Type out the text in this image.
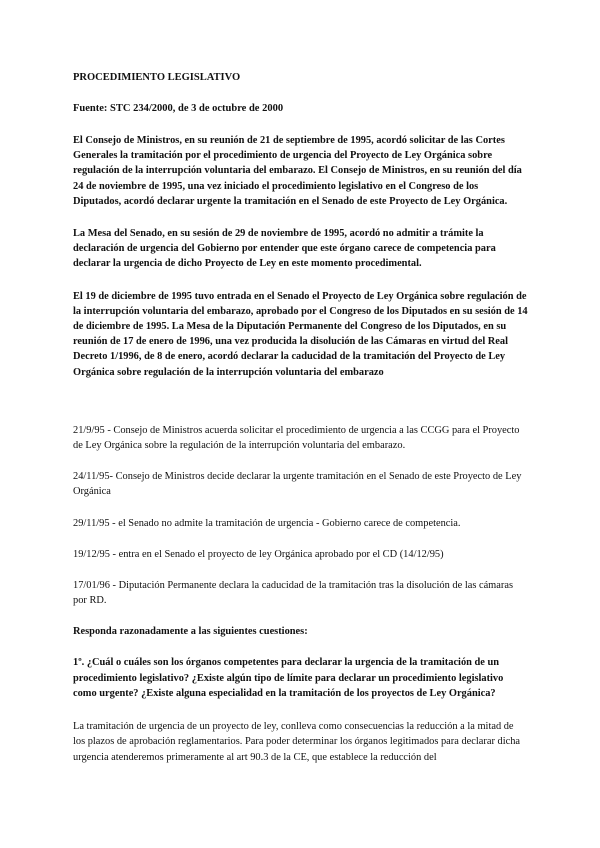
PROCEDIMIENTO LEGISLATIVO

Fuente: STC 234/2000, de 3 de octubre de 2000

El Consejo de Ministros, en su reunión de 21 de septiembre de 1995, acordó solicitar de las Cortes Generales la tramitación por el procedimiento de urgencia del Proyecto de Ley Orgánica sobre regulación de la interrupción voluntaria del embarazo. El Consejo de Ministros, en su reunión del día 24 de noviembre de 1995, una vez iniciado el procedimiento legislativo en el Congreso de los Diputados, acordó declarar urgente la tramitación en el Senado de este Proyecto de Ley Orgánica.

La Mesa del Senado, en su sesión de 29 de noviembre de 1995, acordó no admitir a trámite la declaración de urgencia del Gobierno por entender que este órgano carece de competencia para declarar la urgencia de dicho Proyecto de Ley en este momento procedimental.

El 19 de diciembre de 1995 tuvo entrada en el Senado el Proyecto de Ley Orgánica sobre regulación de la interrupción voluntaria del embarazo, aprobado por el Congreso de los Diputados en su sesión de 14 de diciembre de 1995. La Mesa de la Diputación Permanente del Congreso de los Diputados, en su reunión de 17 de enero de 1996, una vez producida la disolución de las Cámaras en virtud del Real Decreto 1/1996, de 8 de enero, acordó declarar la caducidad de la tramitación del Proyecto de Ley Orgánica sobre regulación de la interrupción voluntaria del embarazo

21/9/95 - Consejo de Ministros acuerda solicitar el procedimiento de urgencia a las CCGG para el Proyecto de Ley Orgánica sobre la regulación de la interrupción voluntaria del embarazo.

24/11/95- Consejo de Ministros decide declarar la urgente tramitación en el Senado de este Proyecto de Ley Orgánica

29/11/95 - el Senado no admite la tramitación de urgencia - Gobierno carece de competencia.

19/12/95 - entra en el Senado el proyecto de ley Orgánica aprobado por el CD (14/12/95)

17/01/96 - Diputación Permanente declara la caducidad de la tramitación tras la disolución de las cámaras por RD.

Responda razonadamente a las siguientes cuestiones:

1º. ¿Cuál o cuáles son los órganos competentes para declarar la urgencia de la tramitación de un procedimiento legislativo? ¿Existe algún tipo de límite para declarar un procedimiento legislativo como urgente? ¿Existe alguna especialidad en la tramitación de los proyectos de Ley Orgánica?

La tramitación de urgencia de un proyecto de ley, conlleva como consecuencias la reducción a la mitad de los plazos de aprobación reglamentarios. Para poder determinar los órganos legitimados para declarar dicha urgencia atenderemos primeramente al art 90.3 de la CE, que establece la reducción del
